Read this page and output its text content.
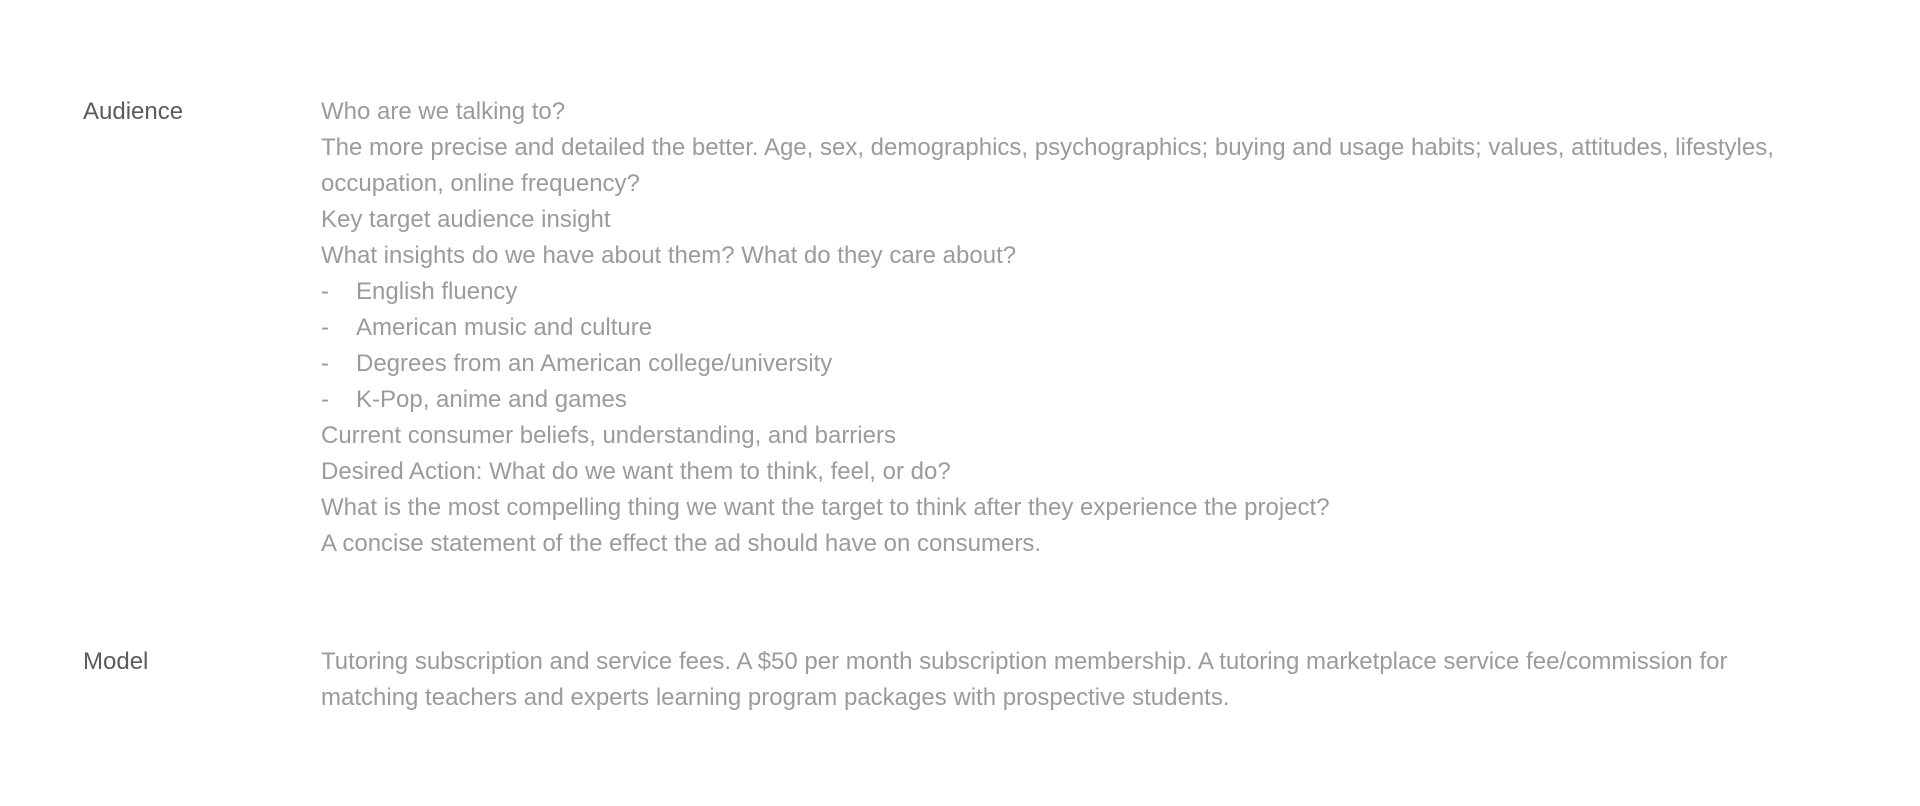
Audience	Who are we talking to?

The more precise and detailed the better. Age, sex, demographics, psychographics; buying and usage habits; values, attitudes, lifestyles, occupation, online frequency?

Key target audience insight

What insights do we have about them? What do they care about?

- English fluency
- American music and culture
- Degrees from an American college/university
- K-Pop, anime and games

Current consumer beliefs, understanding, and barriers

Desired Action: What do we want them to think, feel, or do?

What is the most compelling thing we want the target to think after they experience the project?

A concise statement of the effect the ad should have on consumers.

Model	Tutoring subscription and service fees. A $50 per month subscription membership. A tutoring marketplace service fee/commission for matching teachers and experts learning program packages with prospective students.
